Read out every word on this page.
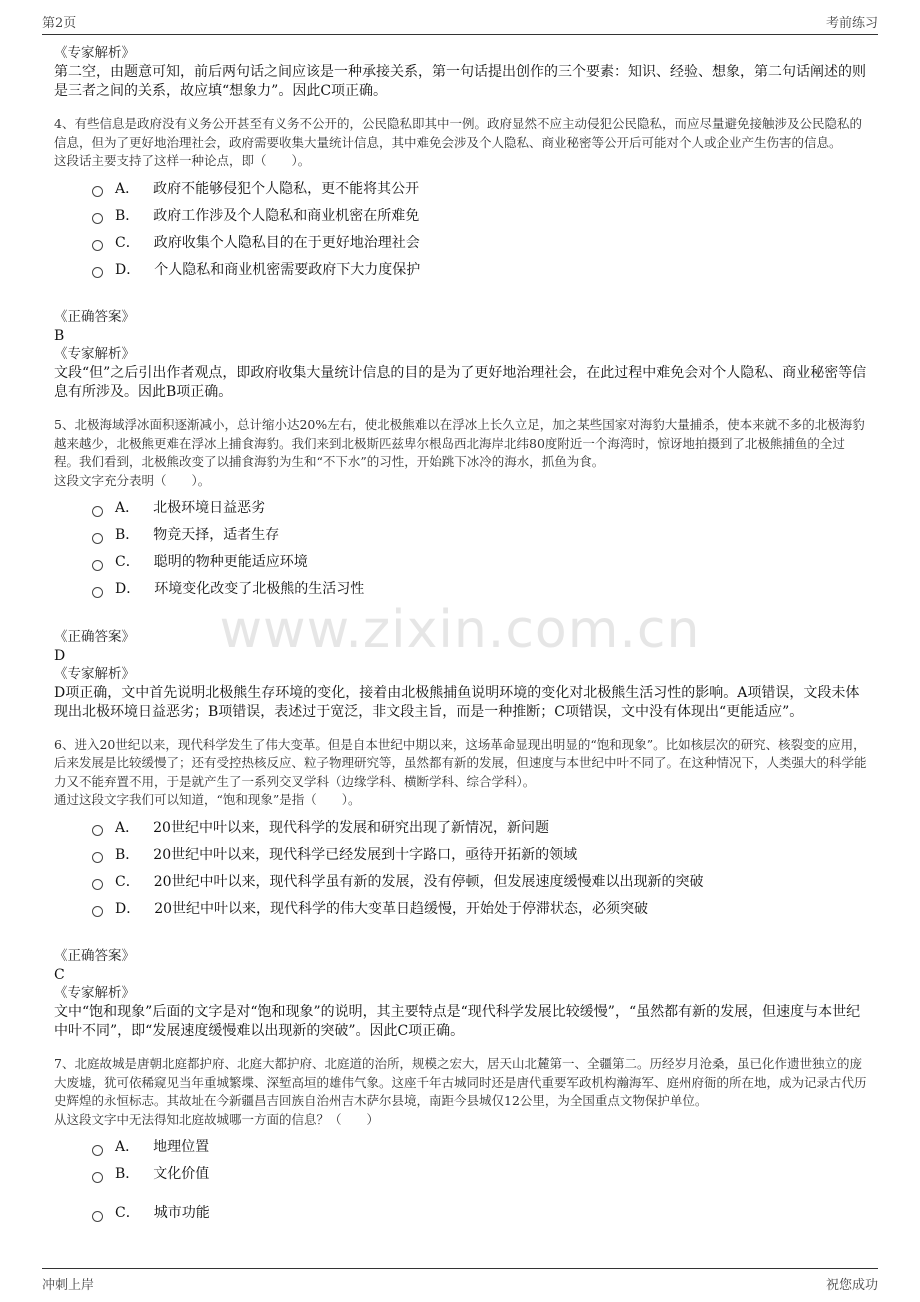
第2页	考前练习
www.zixin.com.cn
《专家解析》
第二空，由题意可知，前后两句话之间应该是一种承接关系，第一句话提出创作的三个要素：知识、经验、想象，第二句话阐述的则是三者之间的关系，故应填“想象力”。因此C项正确。
4、有些信息是政府没有义务公开甚至有义务不公开的，公民隐私即其中一例。政府显然不应主动侵犯公民隐私，而应尽量避免接触涉及公民隐私的信息，但为了更好地治理社会，政府需要收集大量统计信息，其中难免会涉及个人隐私、商业秘密等公开后可能对个人或企业产生伤害的信息。
这段话主要支持了这样一种论点，即（　　）。
A． 政府不能够侵犯个人隐私，更不能将其公开
B． 政府工作涉及个人隐私和商业机密在所难免
C． 政府收集个人隐私目的在于更好地治理社会
D． 个人隐私和商业机密需要政府下大力度保护
《正确答案》
B
《专家解析》
文段“但”之后引出作者观点，即政府收集大量统计信息的目的是为了更好地治理社会，在此过程中难免会对个人隐私、商业秘密等信息有所涉及。因此B项正确。
5、北极海域浮冰面积逐渐减小，总计缩小达20%左右，使北极熊难以在浮冰上长久立足，加之某些国家对海豹大量捕杀，使本来就不多的北极海豹越来越少，北极熊更难在浮冰上捕食海豹。我们来到北极斯匹兹卑尔根岛西北海岸北纬80度附近一个海湾时，惊讶地拍摄到了北极熊捕鱼的全过程。我们看到，北极熊改变了以捕食海豹为生和“不下水”的习性，开始跳下冰冷的海水，抓鱼为食。
这段文字充分表明（　　）。
A． 北极环境日益恶劣
B． 物竞天择，适者生存
C． 聪明的物种更能适应环境
D． 环境变化改变了北极熊的生活习性
《正确答案》
D
《专家解析》
D项正确，文中首先说明北极熊生存环境的变化，接着由北极熊捕鱼说明环境的变化对北极熊生活习性的影响。A项错误，文段未体现出北极环境日益恶劣；B项错误，表述过于宽泛，非文段主旨，而是一种推断；C项错误，文中没有体现出“更能适应”。
6、进入20世纪以来，现代科学发生了伟大变革。但是自本世纪中期以来，这场革命显现出明显的“饱和现象”。比如核层次的研究、核裂变的应用，后来发展是比较缓慢了；还有受控热核反应、粒子物理研究等，虽然都有新的发展，但速度与本世纪中叶不同了。在这种情况下，人类强大的科学能力又不能弃置不用，于是就产生了一系列交叉学科（边缘学科、横断学科、综合学科）。
通过这段文字我们可以知道，“饱和现象”是指（　　）。
A． 20世纪中叶以来，现代科学的发展和研究出现了新情况，新问题
B． 20世纪中叶以来，现代科学已经发展到十字路口，亟待开拓新的领域
C． 20世纪中叶以来，现代科学虽有新的发展，没有停顿，但发展速度缓慢难以出现新的突破
D． 20世纪中叶以来，现代科学的伟大变革日趋缓慢，开始处于停滞状态，必须突破
《正确答案》
C
《专家解析》
文中“饱和现象”后面的文字是对“饱和现象”的说明，其主要特点是“现代科学发展比较缓慢”，“虽然都有新的发展，但速度与本世纪中叶不同”，即“发展速度缓慢难以出现新的突破”。因此C项正确。
7、北庭故城是唐朝北庭都护府、北庭大都护府、北庭道的治所，规模之宏大，居天山北麓第一、全疆第二。历经岁月沧桑，虽已化作遗世独立的庞大废墟，犹可依稀窥见当年重城繁堞、深堑高垣的雄伟气象。这座千年古城同时还是唐代重要军政机构瀚海军、庭州府衙的所在地，成为记录古代历史辉煌的永恒标志。其故址在今新疆昌吉回族自治州吉木萨尔县境，南距今县城仅12公里，为全国重点文物保护单位。
从这段文字中无法得知北庭故城哪一方面的信息？（　　）
A． 地理位置
B． 文化价值
C． 城市功能
冲刺上岸	祝您成功
